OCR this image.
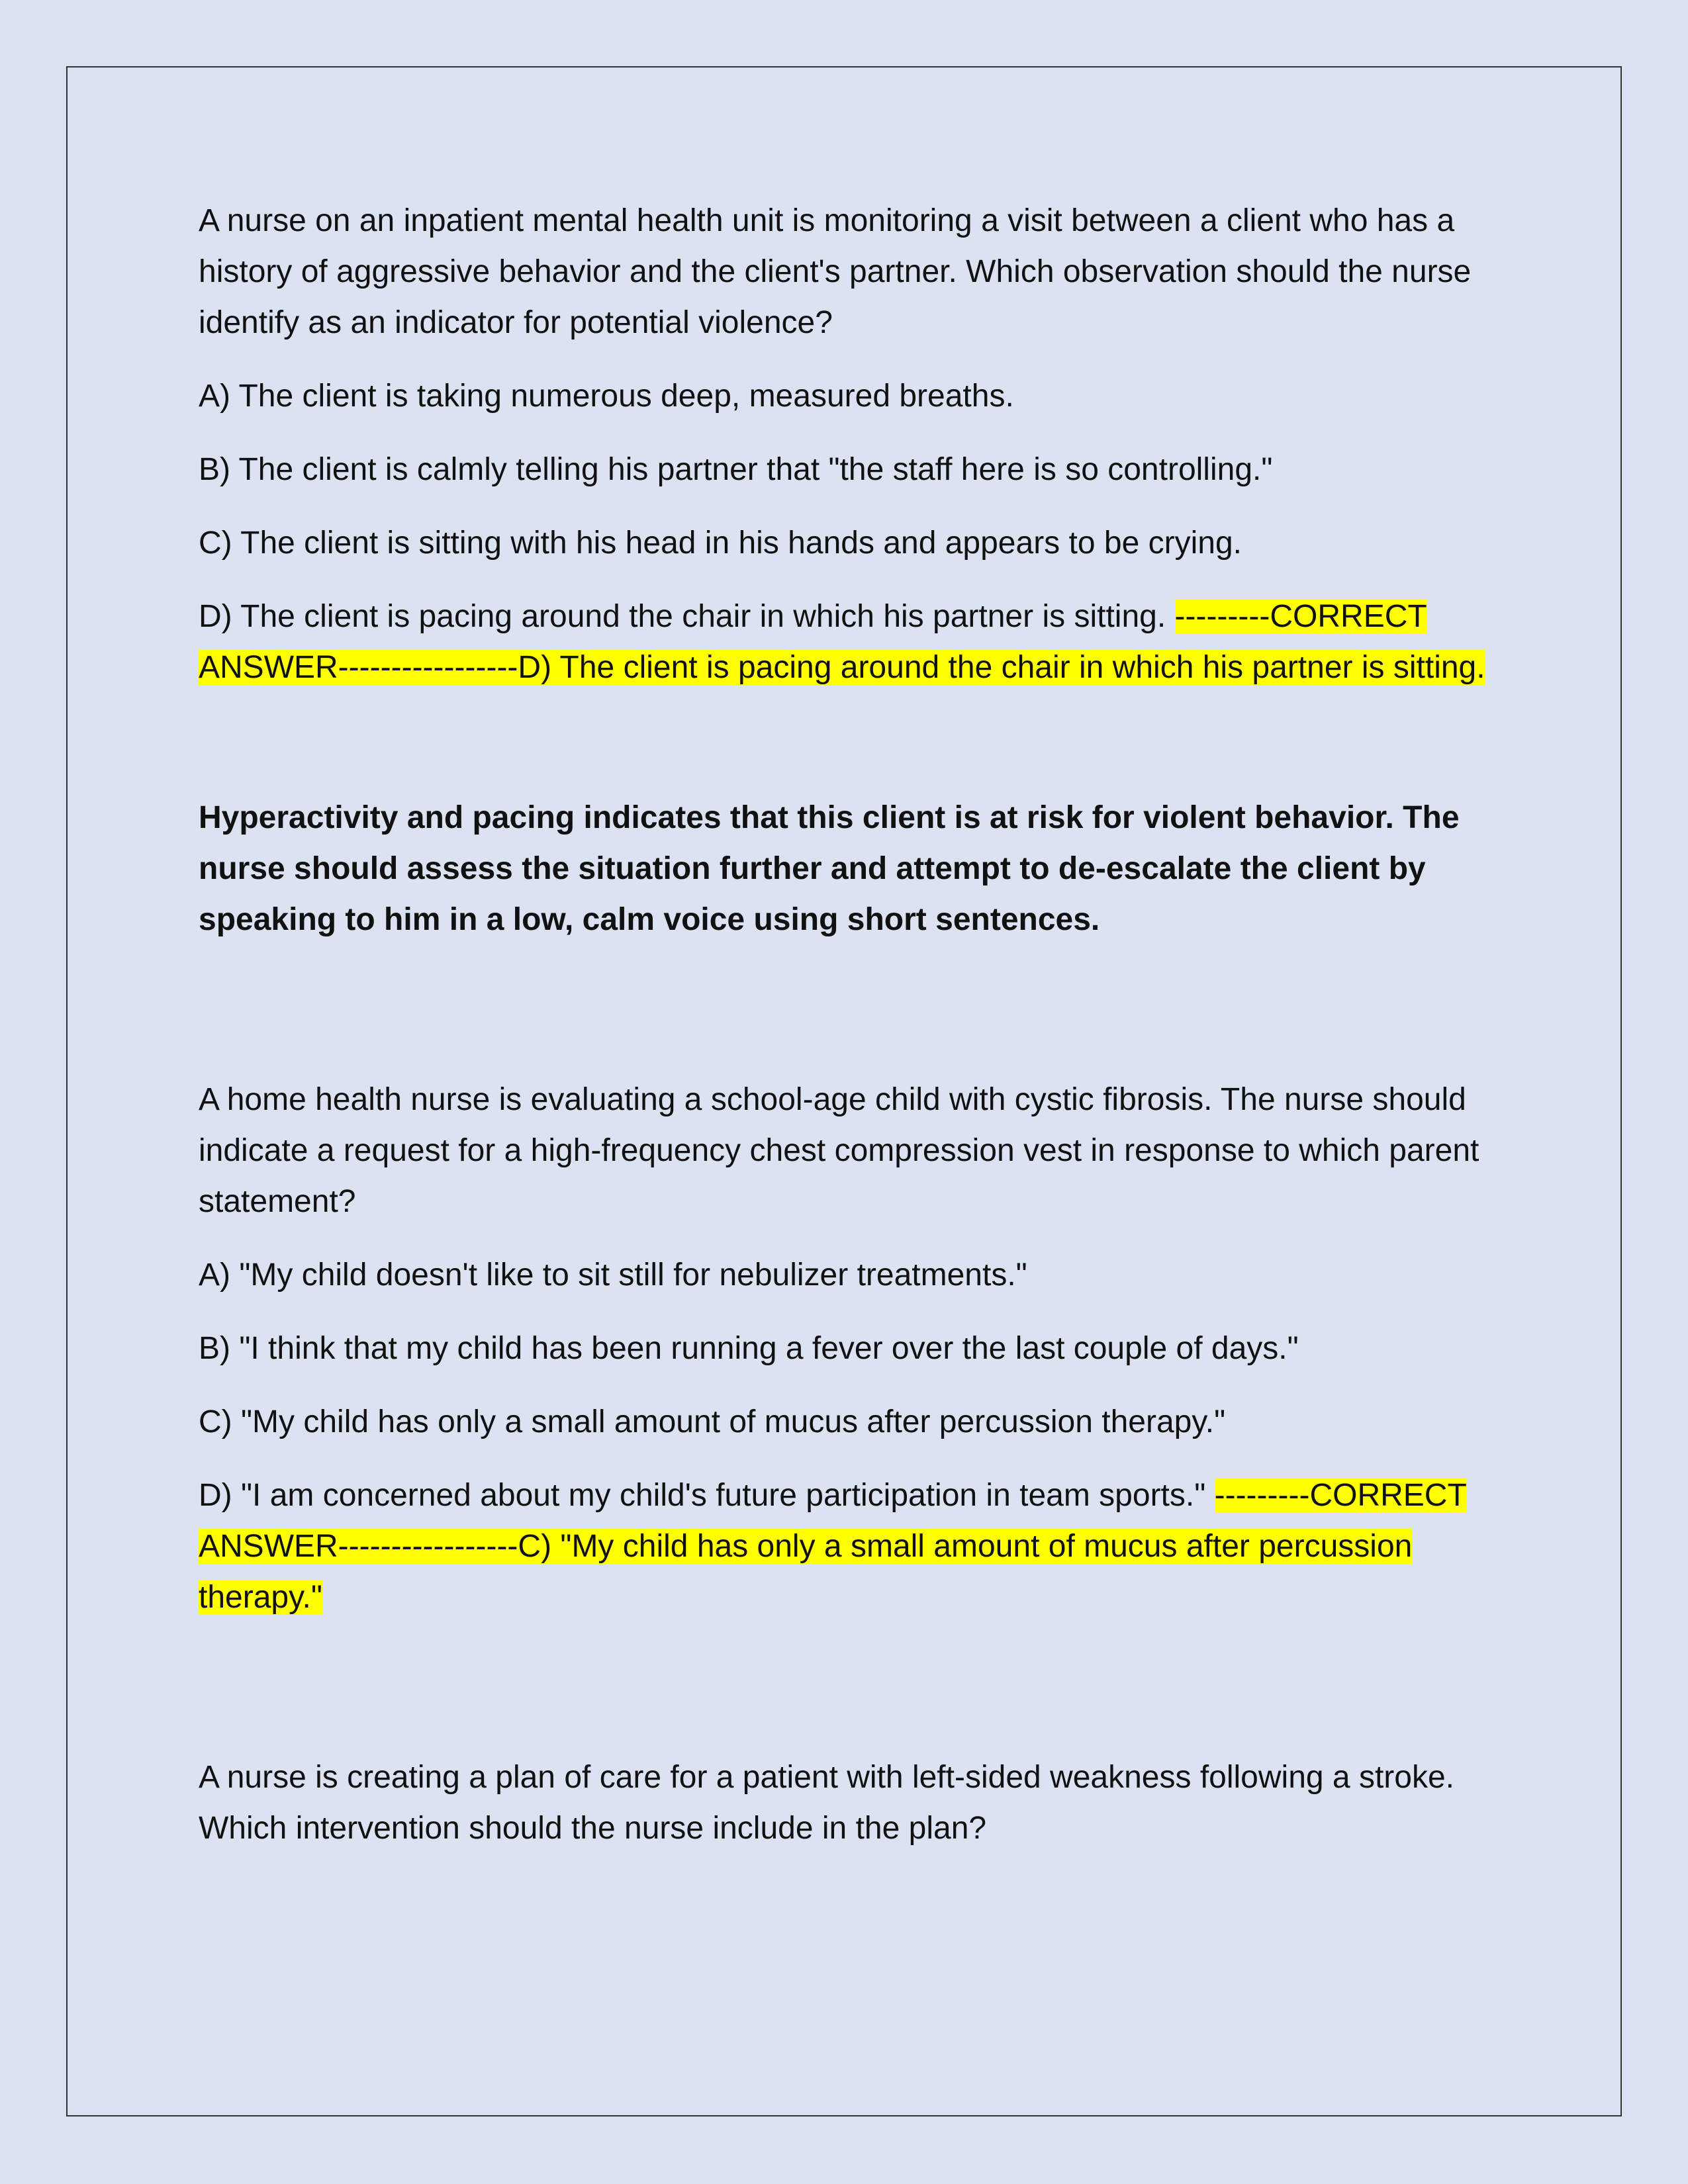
A nurse on an inpatient mental health unit is monitoring a visit between a client who has a history of aggressive behavior and the client's partner. Which observation should the nurse identify as an indicator for potential violence?

A) The client is taking numerous deep, measured breaths.

B) The client is calmly telling his partner that "the staff here is so controlling."

C) The client is sitting with his head in his hands and appears to be crying.

D) The client is pacing around the chair in which his partner is sitting. ---------CORRECT ANSWER-----------------D) The client is pacing around the chair in which his partner is sitting.

Hyperactivity and pacing indicates that this client is at risk for violent behavior. The nurse should assess the situation further and attempt to de-escalate the client by speaking to him in a low, calm voice using short sentences.

A home health nurse is evaluating a school-age child with cystic fibrosis. The nurse should indicate a request for a high-frequency chest compression vest in response to which parent statement?

A) "My child doesn't like to sit still for nebulizer treatments."

B) "I think that my child has been running a fever over the last couple of days."

C) "My child has only a small amount of mucus after percussion therapy."

D) "I am concerned about my child's future participation in team sports." ---------CORRECT ANSWER-----------------C) "My child has only a small amount of mucus after percussion therapy."

A nurse is creating a plan of care for a patient with left-sided weakness following a stroke. Which intervention should the nurse include in the plan?
